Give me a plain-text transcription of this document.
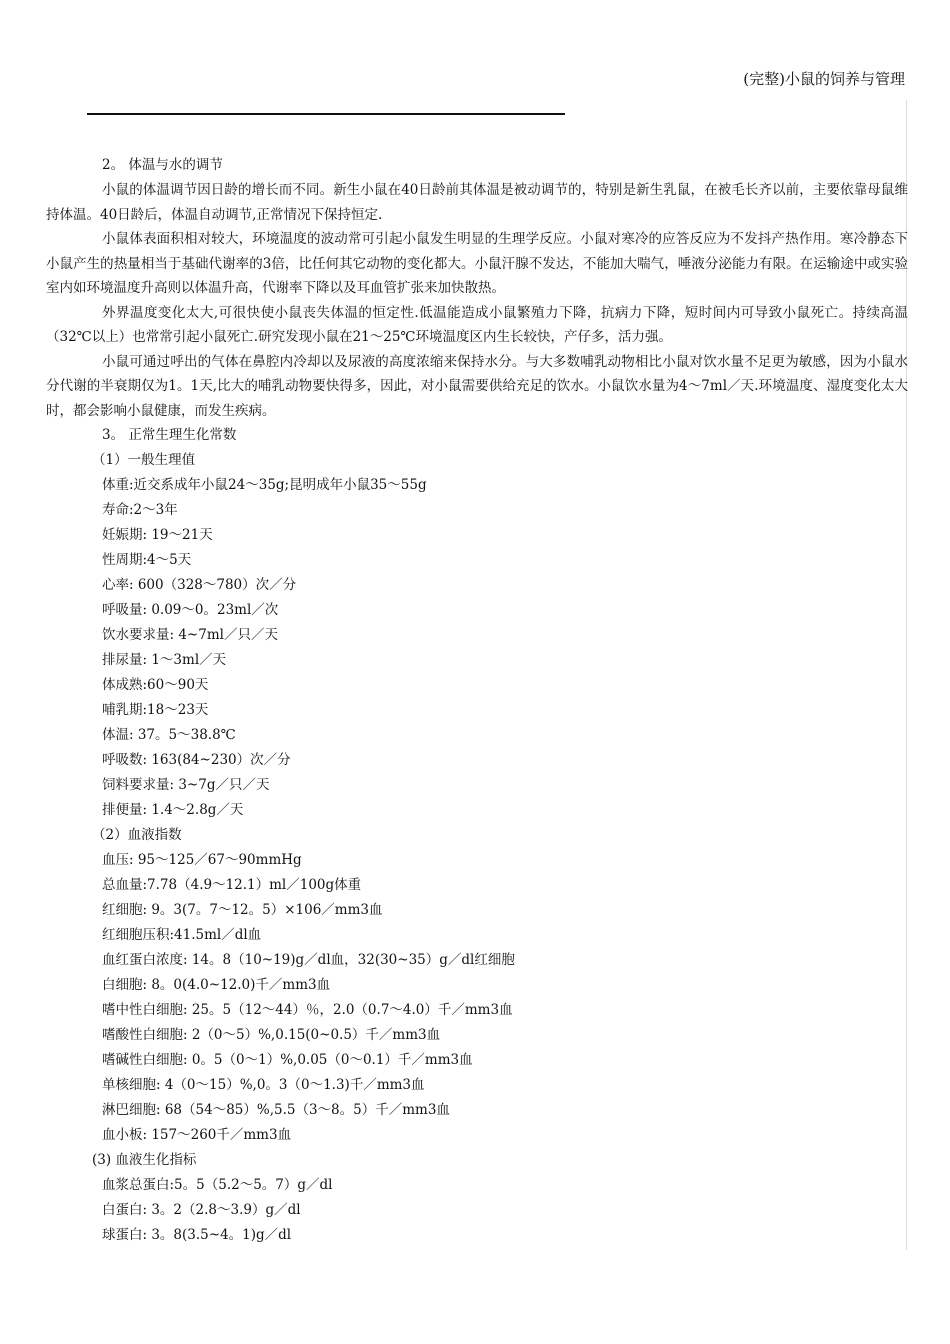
(完整)小鼠的饲养与管理

2。 体温与水的调节

小鼠的体温调节因日龄的增长而不同。新生小鼠在40日龄前其体温是被动调节的，特别是新生乳鼠，在被毛长齐以前，主要依靠母鼠维持体温。40日龄后，体温自动调节,正常情况下保持恒定.

小鼠体表面积相对较大，环境温度的波动常可引起小鼠发生明显的生理学反应。小鼠对寒冷的应答反应为不发抖产热作用。寒冷静态下小鼠产生的热量相当于基础代谢率的3倍，比任何其它动物的变化都大。小鼠汗腺不发达，不能加大喘气，唾液分泌能力有限。在运输途中或实验室内如环境温度升高则以体温升高，代谢率下降以及耳血管扩张来加快散热。

外界温度变化太大,可很快使小鼠丧失体温的恒定性.低温能造成小鼠繁殖力下降，抗病力下降，短时间内可导致小鼠死亡。持续高温（32℃以上）也常常引起小鼠死亡.研究发现小鼠在21～25℃环境温度区内生长较快，产仔多，活力强。

小鼠可通过呼出的气体在鼻腔内冷却以及尿液的高度浓缩来保持水分。与大多数哺乳动物相比小鼠对饮水量不足更为敏感，因为小鼠水分代谢的半衰期仅为1。1天,比大的哺乳动物要快得多，因此，对小鼠需要供给充足的饮水。小鼠饮水量为4～7ml／天.环境温度、湿度变化太大时，都会影响小鼠健康，而发生疾病。

3。 正常生理生化常数

（1）一般生理值

体重:近交系成年小鼠24～35g;昆明成年小鼠35～55g

寿命:2～3年

妊娠期: 19～21天

性周期:4～5天

心率: 600（328～780）次／分

呼吸量: 0.09～0。23ml／次

饮水要求量: 4~7ml／只／天

排尿量: 1～3ml／天

体成熟:60～90天

哺乳期:18～23天

体温: 37。5～38.8℃

呼吸数: 163(84~230）次／分

饲料要求量: 3~7g／只／天

排便量: 1.4～2.8g／天

（2）血液指数

血压: 95～125／67～90mmHg

总血量:7.78（4.9～12.1）ml／100g体重

红细胞: 9。3(7。7～12。5）×106／mm3血

红细胞压积:41.5ml／dl血

血红蛋白浓度: 14。8（10~19)g／dl血，32(30~35）g／dl红细胞

白细胞: 8。0(4.0~12.0)千／mm3血

嗜中性白细胞: 25。5（12～44）％，2.0（0.7～4.0）千／mm3血

嗜酸性白细胞: 2（0～5）%,0.15(0~0.5）千／mm3血

嗜碱性白细胞: 0。5（0～1）%,0.05（0～0.1）千／mm3血

单核细胞: 4（0～15）%,0。3（0～1.3)千／mm3血

淋巴细胞: 68（54～85）%,5.5（3～8。5）千／mm3血

血小板: 157～260千／mm3血

(3) 血液生化指标

血浆总蛋白:5。5（5.2～5。7）g／dl

白蛋白: 3。2（2.8～3.9）g／dl

球蛋白: 3。8(3.5~4。1)g／dl
